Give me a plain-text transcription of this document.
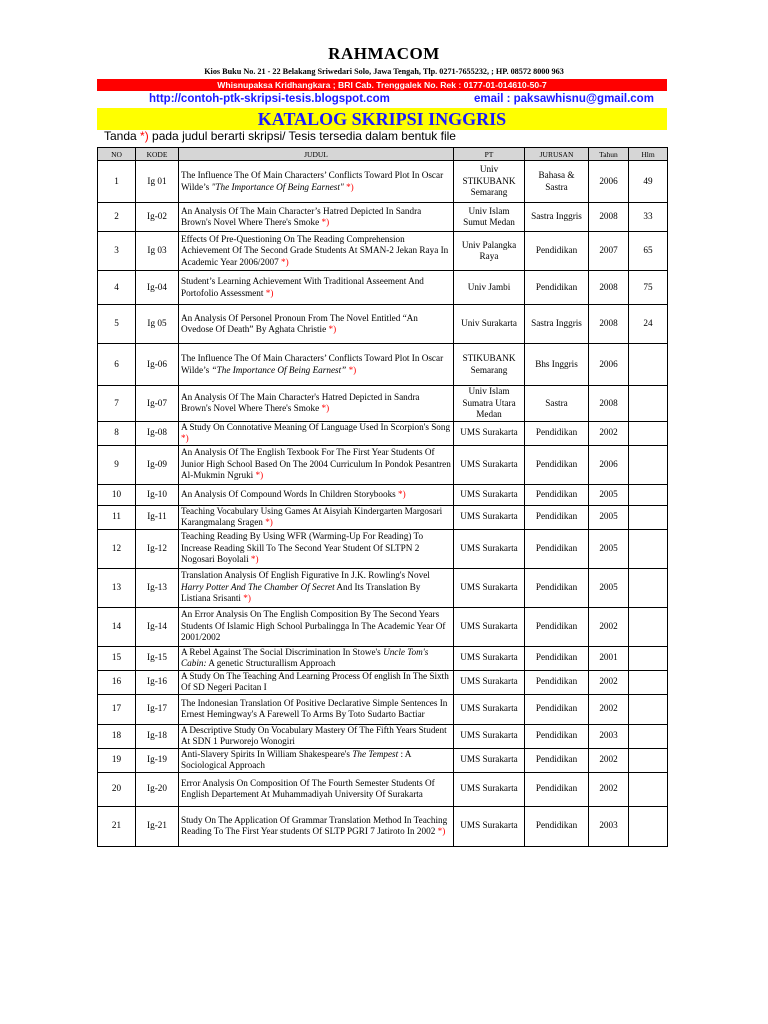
RAHMACOM
Kios Buku No. 21 - 22 Belakang Sriwedari Solo, Jawa Tengah, Tlp. 0271-7655232, ; HP. 08572 8000 963
Whisnupaksa Kridhangkara ; BRI Cab. Trenggalek No. Rek : 0177-01-014610-50-7
http://contoh-ptk-skripsi-tesis.blogspot.com	email : paksawhisnu@gmail.com
KATALOG SKRIPSI INGGRIS
Tanda *) pada judul berarti skripsi/ Tesis tersedia dalam bentuk file
NO	KODE	JUDUL	PT	JURUSAN	Tahun	Hlm
1	Ig 01	The Influence The Of Main Characters’ Conflicts Toward Plot In Oscar Wilde’s "The Importance Of Being Earnest" *)	Univ STIKUBANK Semarang	Bahasa & Sastra	2006	49
2	Ig-02	An Analysis Of The Main Character’s Hatred Depicted In Sandra Brown's Novel Where There's Smoke *)	Univ Islam Sumut Medan	Sastra Inggris	2008	33
3	Ig 03	Effects Of Pre-Questioning On The Reading Comprehension Achievement Of The Second Grade Students At SMAN-2 Jekan Raya In Academic Year 2006/2007 *)	Univ Palangka Raya	Pendidikan	2007	65
4	Ig-04	Student’s Learning Achievement With Traditional Asseement And Portofolio Assessment *)	Univ Jambi	Pendidikan	2008	75
5	Ig 05	An Analysis Of Personel Pronoun From The Novel Entitled “An Ovedose Of Death” By Aghata Christie *)	Univ Surakarta	Sastra Inggris	2008	24
6	Ig-06	The Influence The Of Main Characters’ Conflicts Toward Plot In Oscar Wilde’s “The Importance Of Being Earnest” *)	STIKUBANK Semarang	Bhs Inggris	2006	
7	Ig-07	An Analysis Of The Main Character's Hatred Depicted in Sandra Brown's Novel Where There's Smoke *)	Univ Islam Sumatra Utara Medan	Sastra	2008	
8	Ig-08	A Study On Connotative Meaning Of Language Used In Scorpion's Song *)	UMS Surakarta	Pendidikan	2002	
9	Ig-09	An Analysis Of The English Texbook For The First Year Students Of Junior High School Based On The 2004 Curriculum In Pondok Pesantren Al-Mukmin Ngruki *)	UMS Surakarta	Pendidikan	2006	
10	Ig-10	An Analysis Of Compound Words In Children Storybooks *)	UMS Surakarta	Pendidikan	2005	
11	Ig-11	Teaching Vocabulary Using Games At Aisyiah Kindergarten Margosari Karangmalang Sragen *)	UMS Surakarta	Pendidikan	2005	
12	Ig-12	Teaching Reading By Using WFR (Warming-Up For Reading) To Increase Reading Skill To The Second Year Student Of SLTPN 2 Nogosari Boyolali *)	UMS Surakarta	Pendidikan	2005	
13	Ig-13	Translation Analysis Of English Figurative In J.K. Rowling's Novel Harry Potter And The Chamber Of Secret And Its Translation By Listiana Srisanti *)	UMS Surakarta	Pendidikan	2005	
14	Ig-14	An Error Analysis On The English Composition By The Second Years Students Of Islamic High School Purbalingga In The Academic Year Of 2001/2002	UMS Surakarta	Pendidikan	2002	
15	Ig-15	A Rebel Against The Social Discrimination In Stowe's Uncle Tom's Cabin: A genetic Structurallism Approach	UMS Surakarta	Pendidikan	2001	
16	Ig-16	A Study On The Teaching And Learning Process Of english In The Sixth Of SD Negeri Pacitan I	UMS Surakarta	Pendidikan	2002	
17	Ig-17	The Indonesian Translation Of Positive Declarative Simple Sentences In Ernest Hemingway's A Farewell To Arms By Toto Sudarto Bactiar	UMS Surakarta	Pendidikan	2002	
18	Ig-18	A Descriptive Study On Vocabulary Mastery Of The Fifth Years Student At SDN 1 Purworejo Wonogiri	UMS Surakarta	Pendidikan	2003	
19	Ig-19	Anti-Slavery Spirits In William Shakespeare's The Tempest : A Sociological Approach	UMS Surakarta	Pendidikan	2002	
20	Ig-20	Error Analysis On Composition Of The Fourth Semester Students Of English Departement At Muhammadiyah University Of Surakarta	UMS Surakarta	Pendidikan	2002	
21	Ig-21	Study On The Application Of Grammar Translation Method In Teaching Reading To The First Year students Of SLTP PGRI 7 Jatiroto In 2002 *)	UMS Surakarta	Pendidikan	2003	
